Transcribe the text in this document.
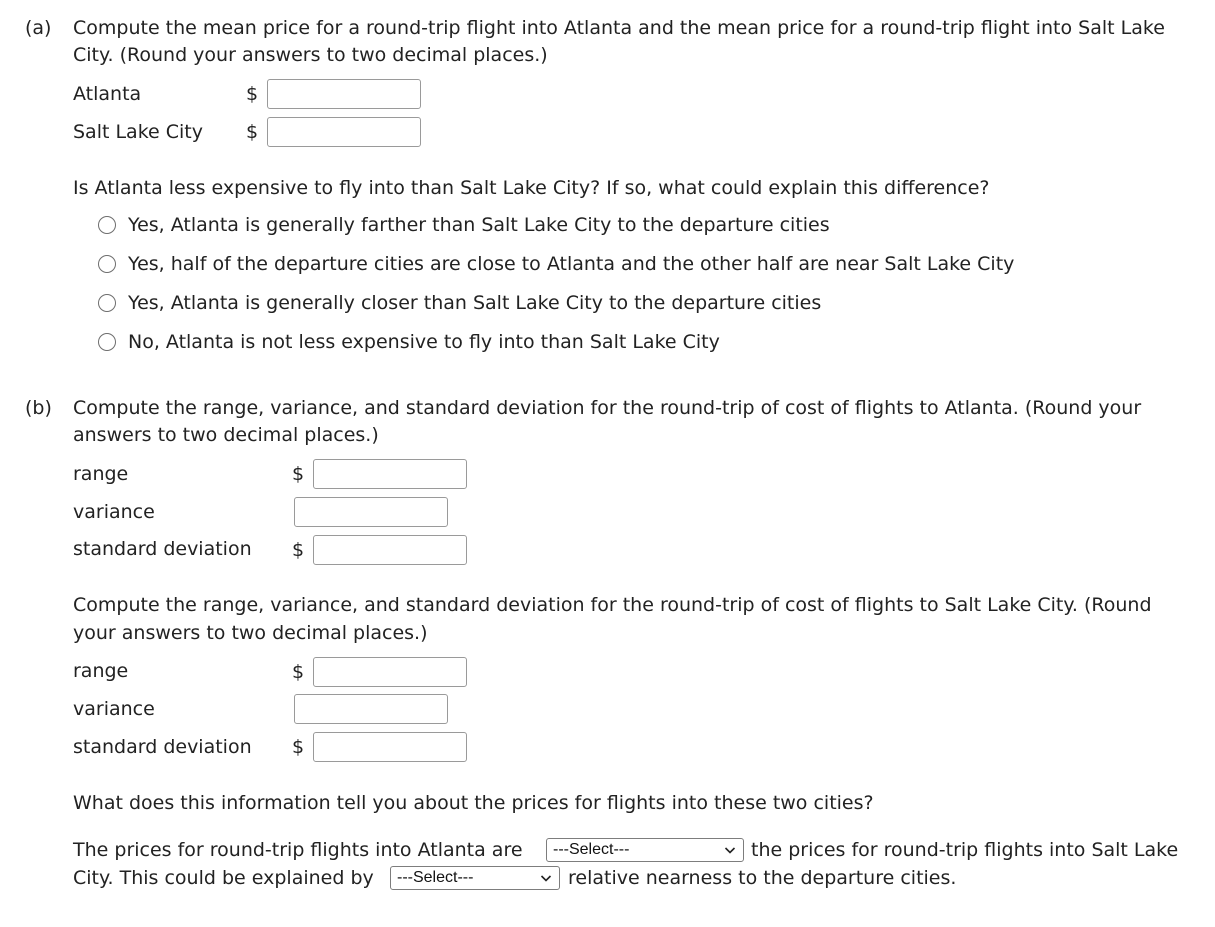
(a) Compute the mean price for a round-trip flight into Atlanta and the mean price for a round-trip flight into Salt Lake
City. (Round your answers to two decimal places.)
Atlanta	$
Salt Lake City $
Is Atlanta less expensive to fly into than Salt Lake City? If so, what could explain this difference?
Yes, Atlanta is generally farther than Salt Lake City to the departure cities
Yes, half of the departure cities are close to Atlanta and the other half are near Salt Lake City
Yes, Atlanta is generally closer than Salt Lake City to the departure cities
No, Atlanta is not less expensive to fly into than Salt Lake City
(b) Compute the range, variance, and standard deviation for the round-trip of cost of flights to Atlanta. (Round your
answers to two decimal places.)
range	$
variance
standard deviation $
Compute the range, variance, and standard deviation for the round-trip of cost of flights to Salt Lake City. (Round
your answers to two decimal places.)
range	$
variance
standard deviation $
What does this information tell you about the prices for flights into these two cities?
The prices for round-trip flights into Atlanta are	---Select---	the prices for round-trip flights into Salt Lake
City. This could be explained by	---Select---	relative nearness to the departure cities.
